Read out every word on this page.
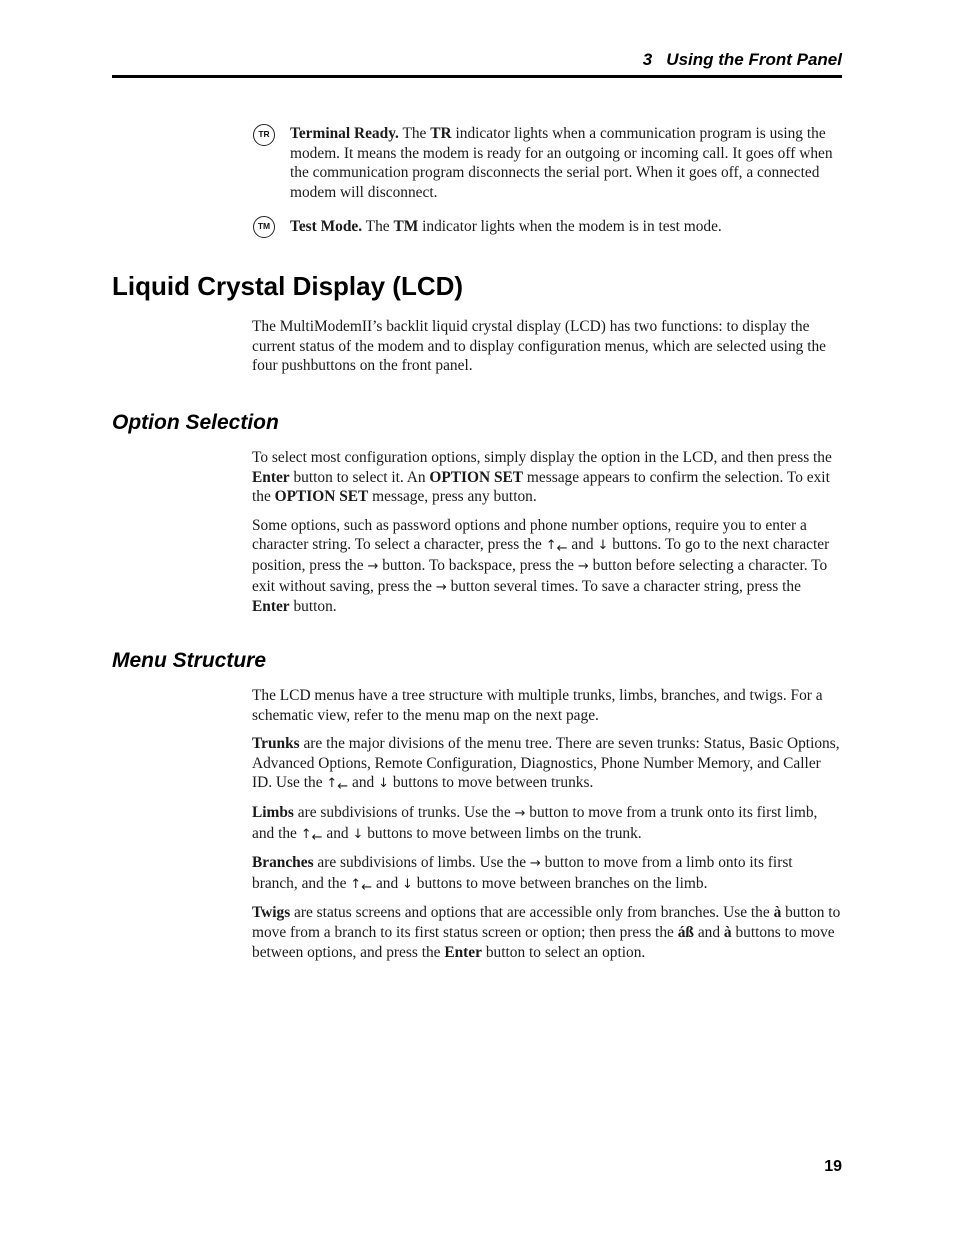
3   Using the Front Panel
TR	Terminal Ready. The TR indicator lights when a communication program is using the modem. It means the modem is ready for an outgoing or incoming call. It goes off when the communication program disconnects the serial port. When it goes off, a connected modem will disconnect.

TM	Test Mode. The TM indicator lights when the modem is in test mode.

Liquid Crystal Display (LCD)

The MultiModemII’s backlit liquid crystal display (LCD) has two functions: to display the current status of the modem and to display configuration menus, which are selected using the four pushbuttons on the front panel.

Option Selection

To select most configuration options, simply display the option in the LCD, and then press the Enter button to select it. An OPTION SET message appears to confirm the selection. To exit the OPTION SET message, press any button.

Some options, such as password options and phone number options, require you to enter a character string. To select a character, press the ↑← and ↓ buttons. To go to the next character position, press the → button. To backspace, press the → button before selecting a character. To exit without saving, press the → button several times. To save a character string, press the Enter button.

Menu Structure

The LCD menus have a tree structure with multiple trunks, limbs, branches, and twigs. For a schematic view, refer to the menu map on the next page.

Trunks are the major divisions of the menu tree. There are seven trunks: Status, Basic Options, Advanced Options, Remote Configuration, Diagnostics, Phone Number Memory, and Caller ID. Use the ↑← and ↓ buttons to move between trunks.

Limbs are subdivisions of trunks. Use the → button to move from a trunk onto its first limb, and the ↑← and ↓ buttons to move between limbs on the trunk.

Branches are subdivisions of limbs. Use the → button to move from a limb onto its first branch, and the ↑← and ↓ buttons to move between branches on the limb.

Twigs are status screens and options that are accessible only from branches. Use the à button to move from a branch to its first status screen or option; then press the áß and à buttons to move between options, and press the Enter button to select an option.

19
